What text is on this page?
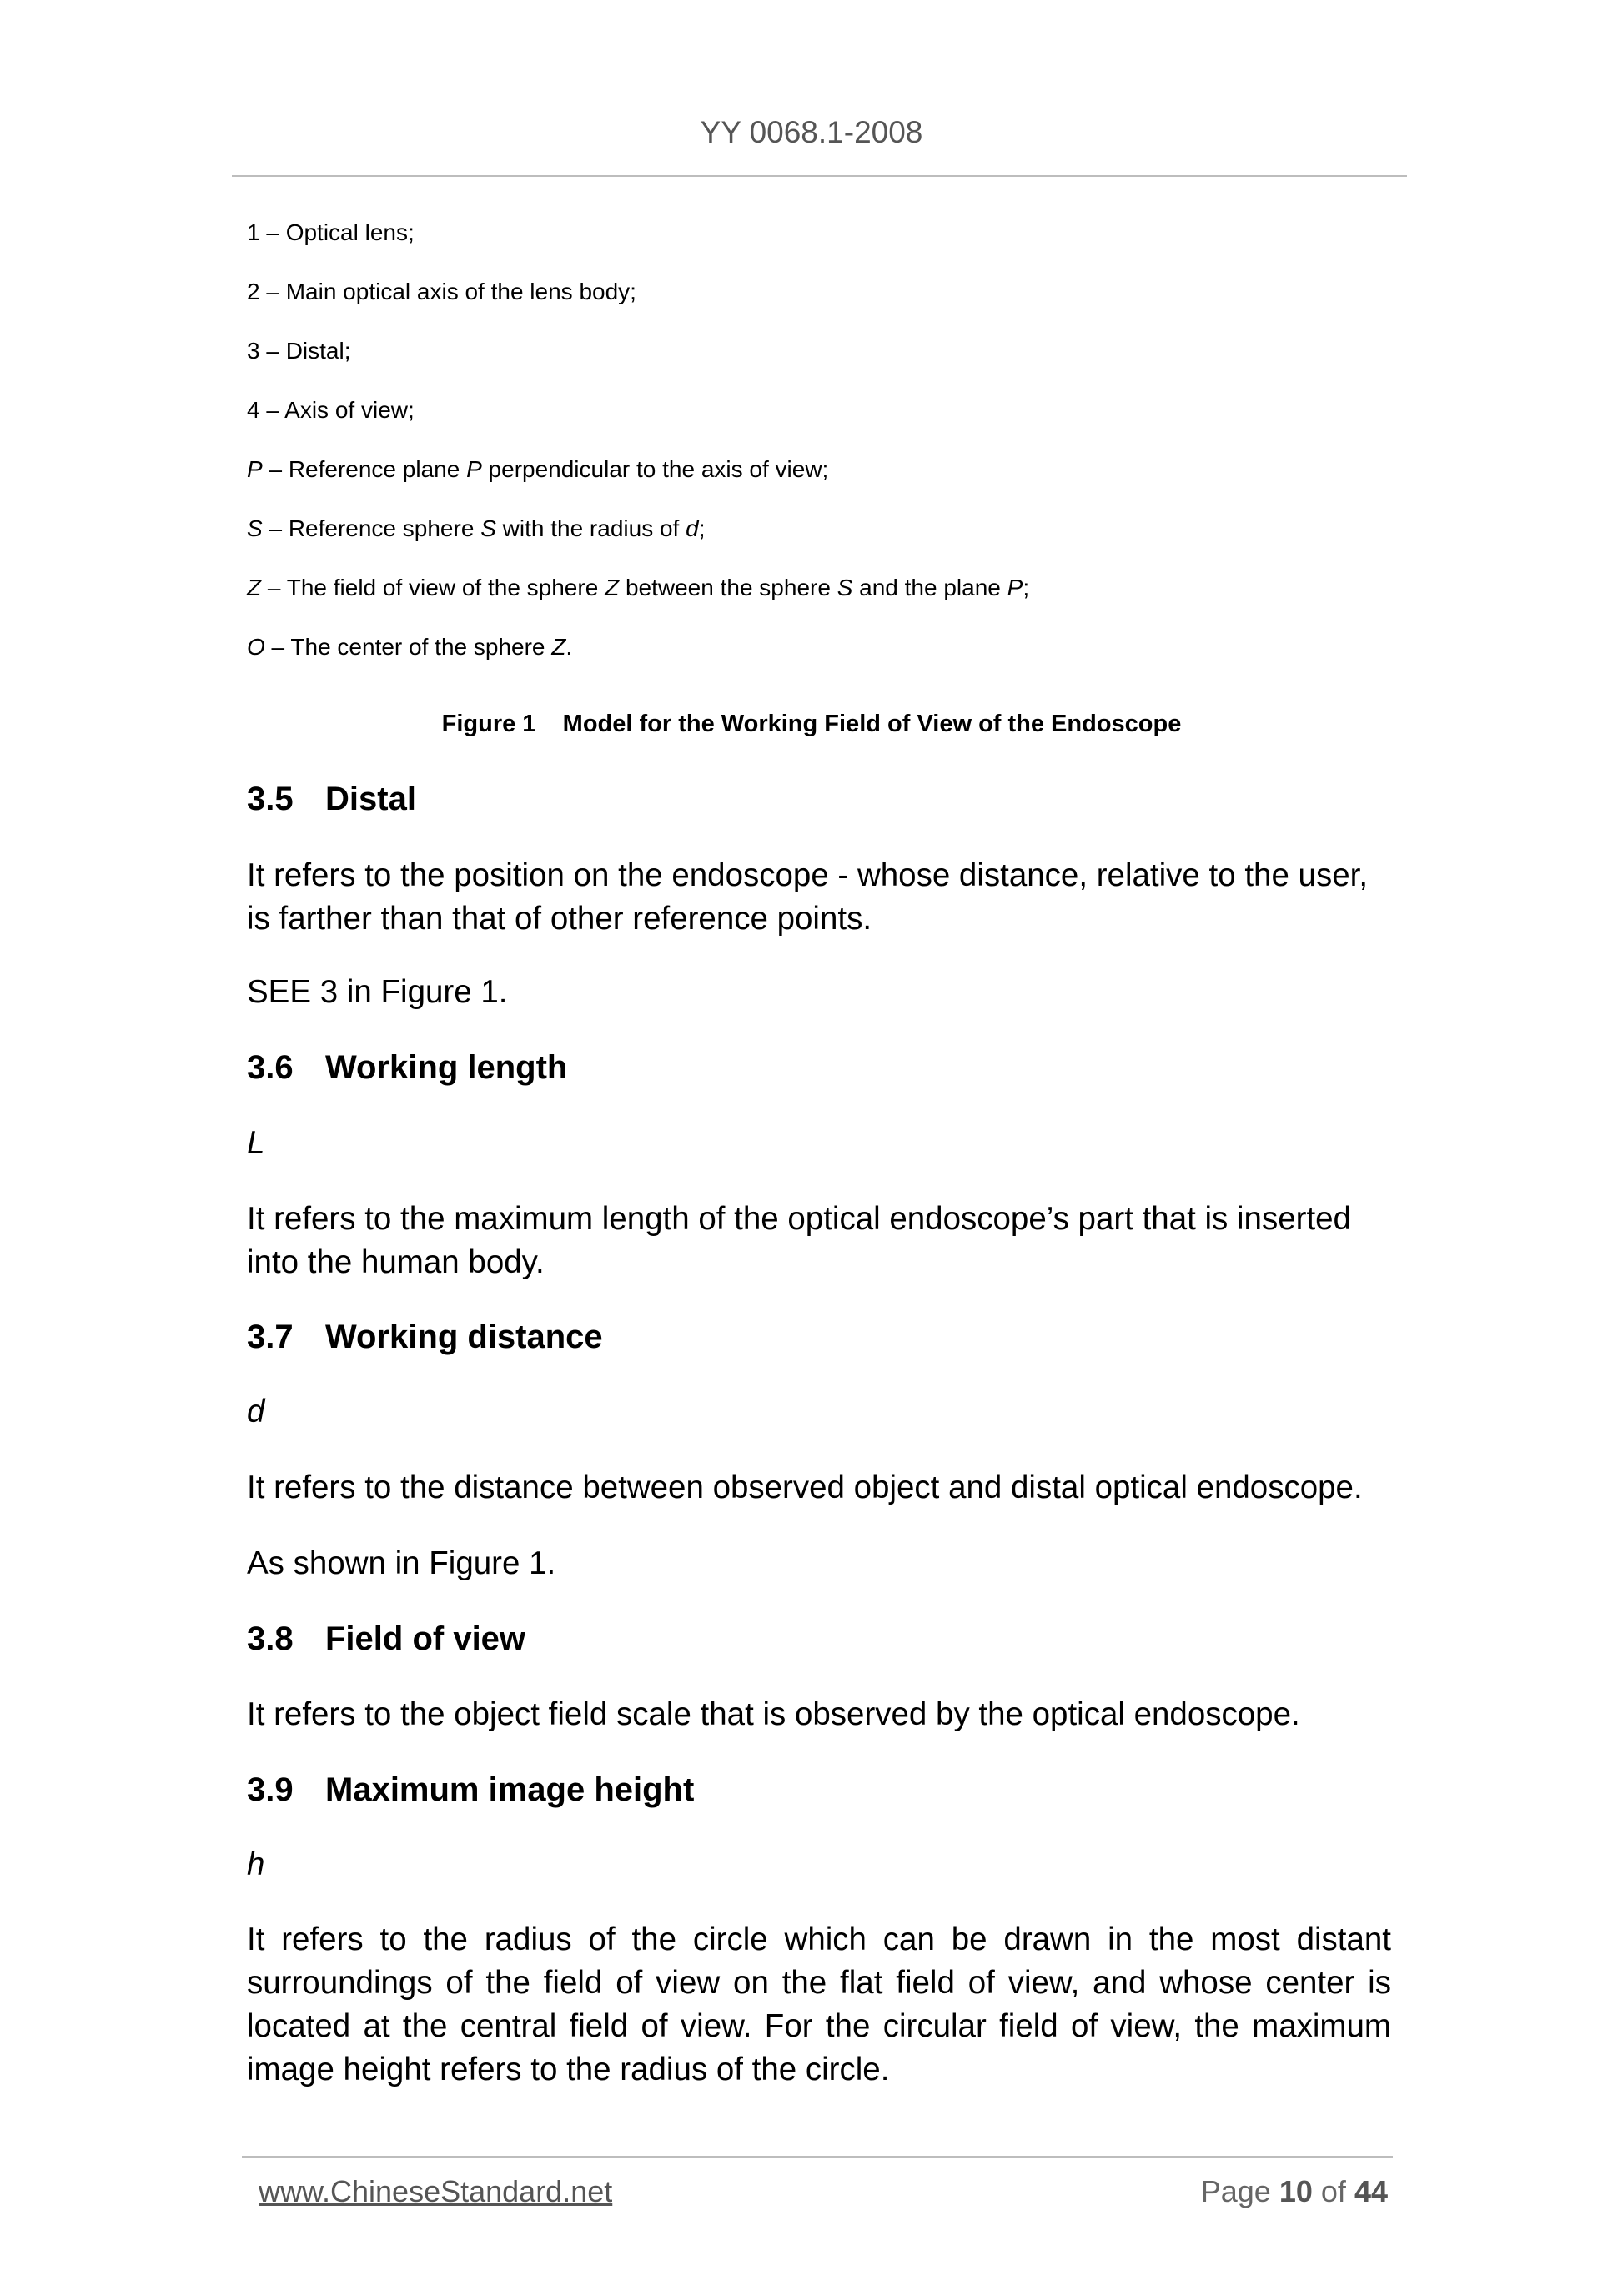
YY 0068.1-2008
1 – Optical lens;
2 – Main optical axis of the lens body;
3 – Distal;
4 – Axis of view;
P – Reference plane P perpendicular to the axis of view;
S – Reference sphere S with the radius of d;
Z – The field of view of the sphere Z between the sphere S and the plane P;
O – The center of the sphere Z.
Figure 1    Model for the Working Field of View of the Endoscope
3.5 Distal
It refers to the position on the endoscope - whose distance, relative to the user, is farther than that of other reference points.
SEE 3 in Figure 1.
3.6 Working length
L
It refers to the maximum length of the optical endoscope’s part that is inserted into the human body.
3.7 Working distance
d
It refers to the distance between observed object and distal optical endoscope.
As shown in Figure 1.
3.8 Field of view
It refers to the object field scale that is observed by the optical endoscope.
3.9 Maximum image height
h
It refers to the radius of the circle which can be drawn in the most distant surroundings of the field of view on the flat field of view, and whose center is located at the central field of view. For the circular field of view, the maximum image height refers to the radius of the circle.
www.ChineseStandard.net	Page 10 of 44
